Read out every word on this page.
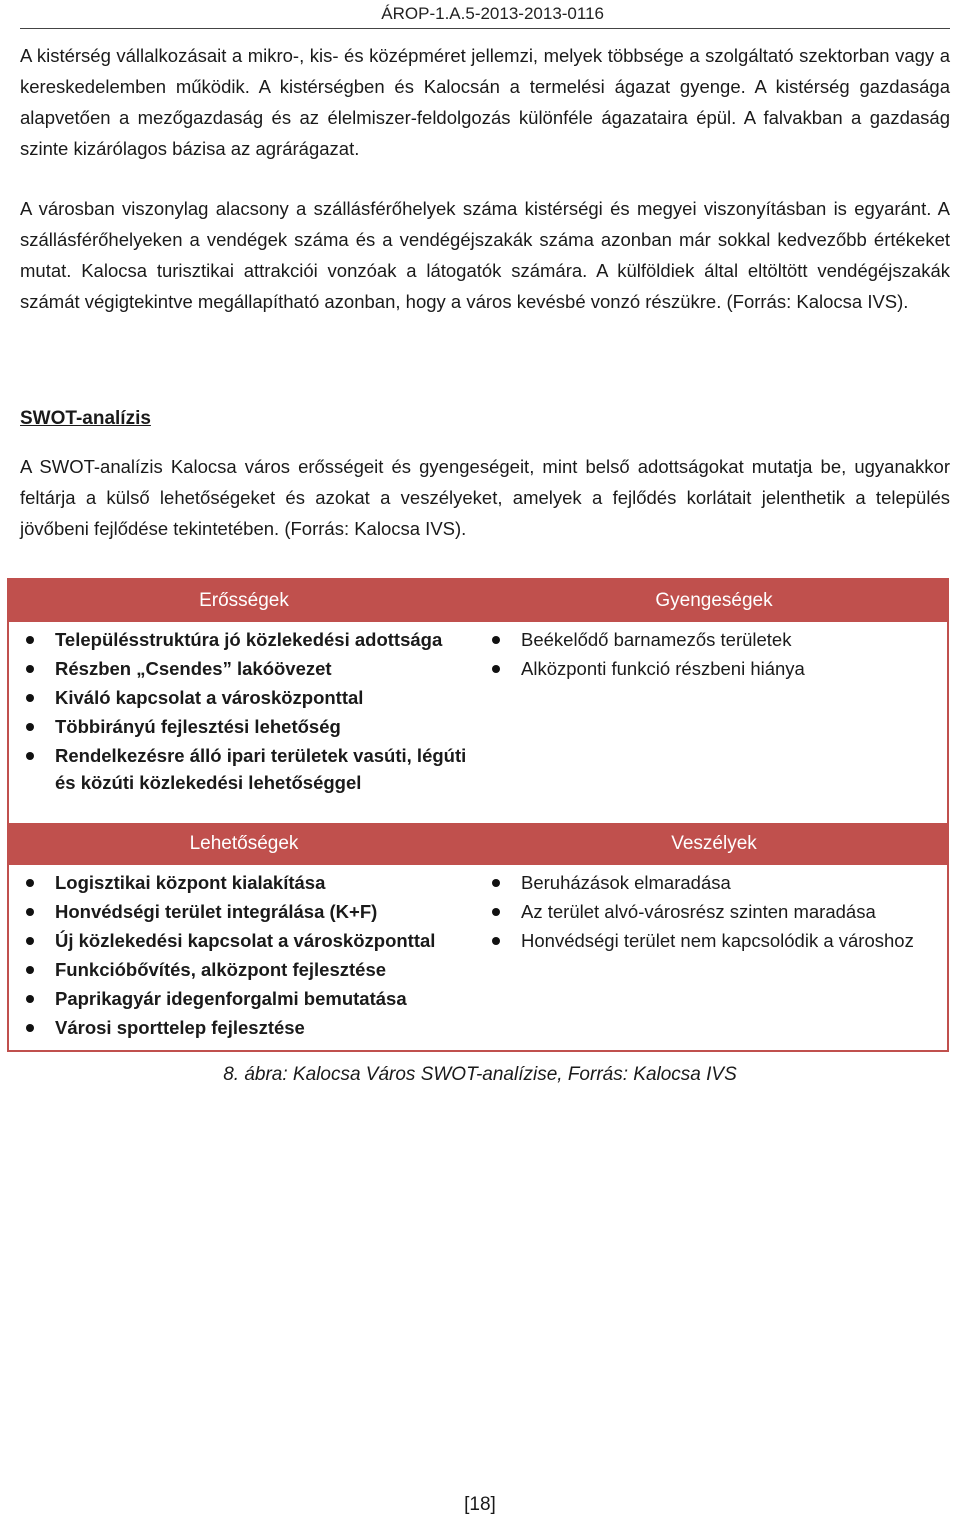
ÁROP-1.A.5-2013-2013-0116

A kistérség vállalkozásait a mikro-, kis- és középméret jellemzi, melyek többsége a szolgáltató szektorban vagy a kereskedelemben működik. A kistérségben és Kalocsán a termelési ágazat gyenge. A kistérség gazdasága alapvetően a mezőgazdaság és az élelmiszer-feldolgozás különféle ágazataira épül. A falvakban a gazdaság szinte kizárólagos bázisa az agrárágazat.

A városban viszonylag alacsony a szállásférőhelyek száma kistérségi és megyei viszonyításban is egyaránt. A szállásférőhelyeken a vendégek száma és a vendégéjszakák száma azonban már sokkal kedvezőbb értékeket mutat. Kalocsa turisztikai attrakciói vonzóak a látogatók számára. A külföldiek által eltöltött vendégéjszakák számát végigtekintve megállapítható azonban, hogy a város kevésbé vonzó részükre. (Forrás: Kalocsa IVS).

SWOT-analízis

A SWOT-analízis Kalocsa város erősségeit és gyengeségeit, mint belső adottságokat mutatja be, ugyanakkor feltárja a külső lehetőségeket és azokat a veszélyeket, amelyek a fejlődés korlátait jelenthetik a település jövőbeni fejlődése tekintetében. (Forrás: Kalocsa IVS).

Erősségek	Gyengeségek
Településstruktúra jó közlekedési adottsága
Részben „Csendes” lakóövezet
Kiváló kapcsolat a városközponttal
Többirányú fejlesztési lehetőség
Rendelkezésre álló ipari területek vasúti, légúti és közúti közlekedési lehetőséggel
Beékelődő barnamezős területek
Alközponti funkció részbeni hiánya
Lehetőségek	Veszélyek
Logisztikai központ kialakítása
Honvédségi terület integrálása (K+F)
Új közlekedési kapcsolat a városközponttal
Funkcióbővítés, alközpont fejlesztése
Paprikagyár idegenforgalmi bemutatása
Városi sporttelep fejlesztése
Beruházások elmaradása
Az terület alvó-városrész szinten maradása
Honvédségi terület nem kapcsolódik a városhoz

8. ábra: Kalocsa Város SWOT-analízise, Forrás: Kalocsa IVS

[18]
